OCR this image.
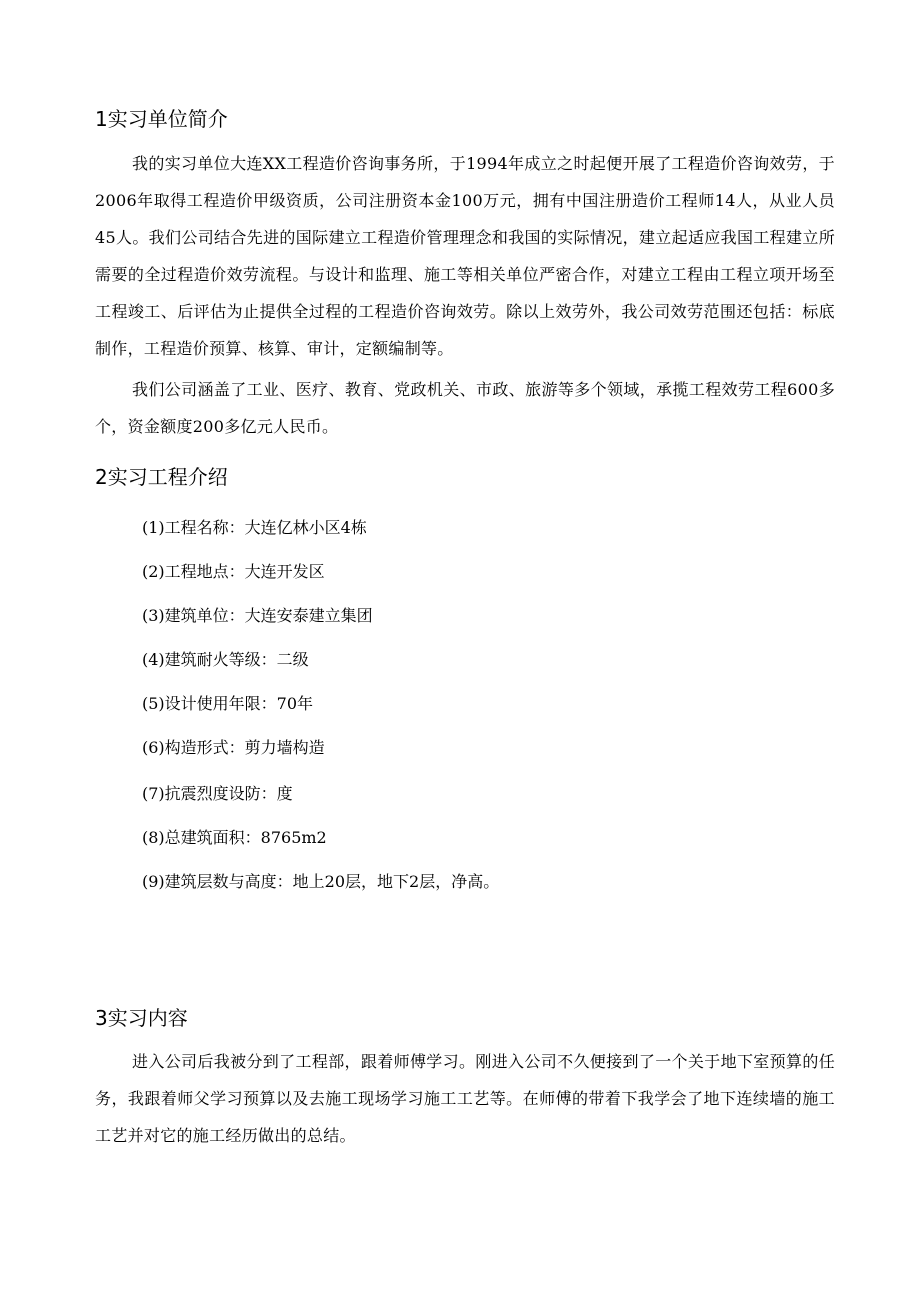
1实习单位简介

我的实习单位大连XX工程造价咨询事务所，于1994年成立之时起便开展了工程造价咨询效劳，于2006年取得工程造价甲级资质，公司注册资本金100万元，拥有中国注册造价工程师14人，从业人员45人。我们公司结合先进的国际建立工程造价管理理念和我国的实际情况，建立起适应我国工程建立所需要的全过程造价效劳流程。与设计和监理、施工等相关单位严密合作，对建立工程由工程立项开场至工程竣工、后评估为止提供全过程的工程造价咨询效劳。除以上效劳外，我公司效劳范围还包括：标底制作，工程造价预算、核算、审计，定额编制等。

我们公司涵盖了工业、医疗、教育、党政机关、市政、旅游等多个领域，承揽工程效劳工程600多个，资金额度200多亿元人民币。

2实习工程介绍

(1)工程名称：大连亿林小区4栋

(2)工程地点：大连开发区

(3)建筑单位：大连安泰建立集团

(4)建筑耐火等级：二级

(5)设计使用年限：70年

(6)构造形式：剪力墙构造

(7)抗震烈度设防：度

(8)总建筑面积：8765m2

(9)建筑层数与高度：地上20层，地下2层，净高。

3实习内容

进入公司后我被分到了工程部，跟着师傅学习。刚进入公司不久便接到了一个关于地下室预算的任务，我跟着师父学习预算以及去施工现场学习施工工艺等。在师傅的带着下我学会了地下连续墙的施工工艺并对它的施工经历做出的总结。
